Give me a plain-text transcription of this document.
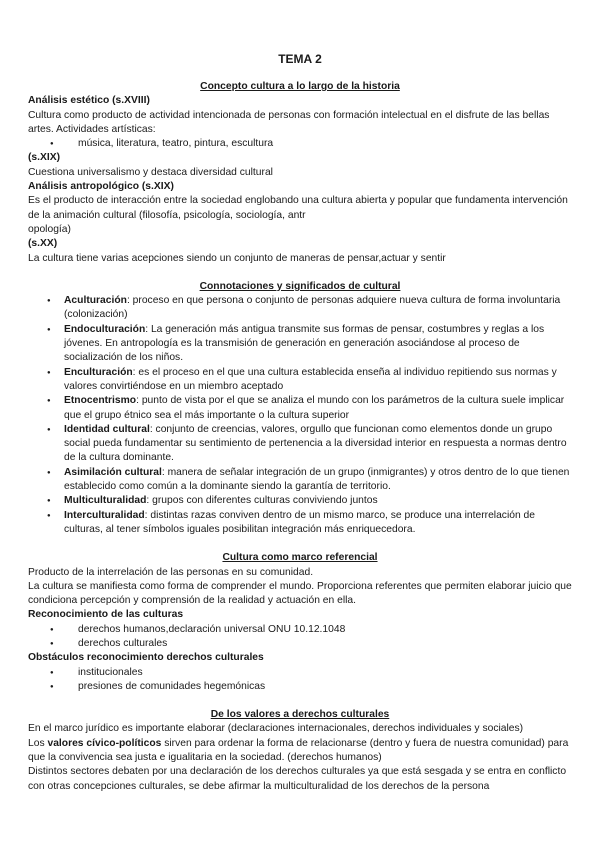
TEMA 2

Concepto cultura a lo largo de la historia

Análisis estético (s.XVIII)

Cultura como producto de actividad intencionada de personas con formación intelectual en el disfrute de las bellas artes. Actividades artísticas:

● música, literatura, teatro, pintura, escultura

(s.XIX)

Cuestiona universalismo y destaca diversidad cultural

Análisis antropológico (s.XIX)

Es el producto de interacción entre la sociedad englobando una cultura abierta y popular que fundamenta intervención de la animación cultural (filosofía, psicología, sociología, antr

opología)

(s.XX)

La cultura tiene varias acepciones siendo un conjunto de maneras de pensar,actuar y sentir

Connotaciones y significados de cultural

● Aculturación: proceso en que persona o conjunto de personas adquiere nueva cultura de forma involuntaria (colonización)
● Endoculturación: La generación más antigua transmite sus formas de pensar, costumbres y reglas a los jóvenes. En antropología es la transmisión de generación en generación asociándose al proceso de socialización de los niños.
● Enculturación: es el proceso en el que una cultura establecida enseña al individuo repitiendo sus normas y valores convirtiéndose en un miembro aceptado
● Etnocentrismo: punto de vista por el que se analiza el mundo con los parámetros de la cultura suele implicar que el grupo étnico sea el más importante o la cultura superior
● Identidad cultural: conjunto de creencias, valores, orgullo que funcionan como elementos donde un grupo social pueda fundamentar su sentimiento de pertenencia a la diversidad interior en respuesta a normas dentro de la cultura dominante.
● Asimilación cultural: manera de señalar integración de un grupo (inmigrantes) y otros dentro de lo que tienen establecido como común a la dominante siendo la garantía de territorio.
● Multiculturalidad: grupos con diferentes culturas conviviendo juntos
● Interculturalidad: distintas razas conviven dentro de un mismo marco, se produce una interrelación de culturas, al tener símbolos iguales posibilitan integración más enriquecedora.

Cultura como marco referencial

Producto de la interrelación de las personas en su comunidad.

La cultura se manifiesta como forma de comprender el mundo. Proporciona referentes que permiten elaborar juicio que condiciona percepción y comprensión de la realidad y actuación en ella.

Reconocimiento de las culturas

● derechos humanos,declaración universal ONU 10.12.1048
● derechos culturales

Obstáculos reconocimiento derechos culturales

● institucionales
● presiones de comunidades hegemónicas

De los valores a derechos culturales

En el marco jurídico es importante elaborar (declaraciones internacionales, derechos individuales y sociales)

Los valores cívico-políticos sirven para ordenar la forma de relacionarse (dentro y fuera de nuestra comunidad) para que la convivencia sea justa e igualitaria en la sociedad. (derechos humanos)

Distintos sectores debaten por una declaración de los derechos culturales ya que está sesgada y se entra en conflicto con otras concepciones culturales, se debe afirmar la multiculturalidad de los derechos de la persona
